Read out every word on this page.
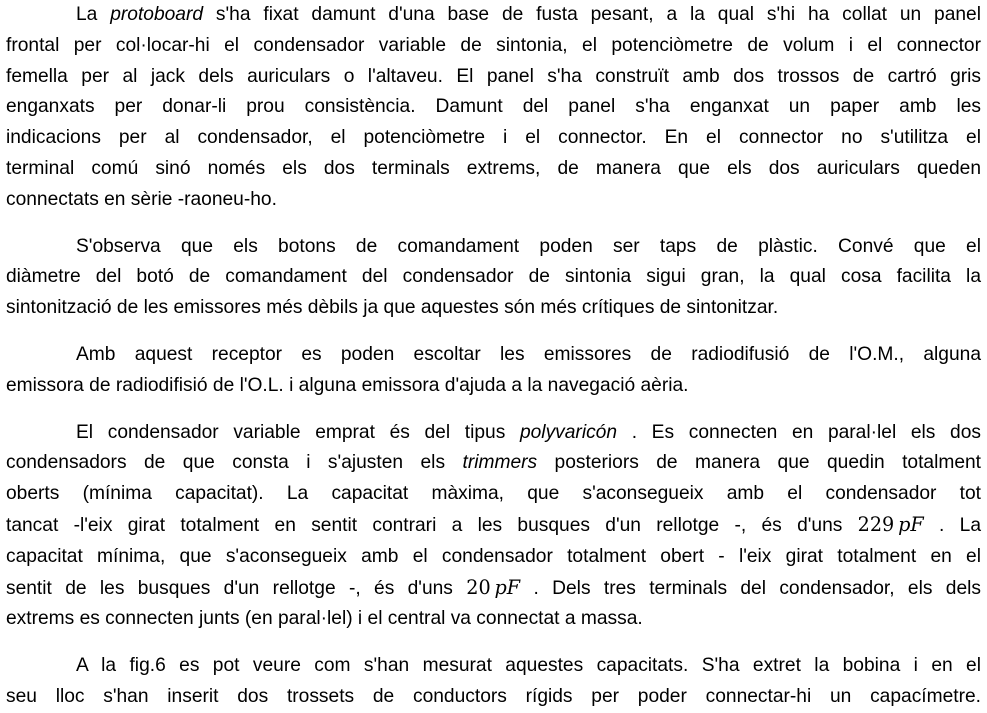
La protoboard s'ha fixat damunt d'una base de fusta pesant, a la qual s'hi ha collat un panel
frontal per col·locar-hi el condensador variable de sintonia, el potenciòmetre de volum i el connector
femella per al jack dels auriculars o l'altaveu. El panel s'ha construït amb dos trossos de cartró gris
enganxats per donar-li prou consistència. Damunt del panel s'ha enganxat un paper amb les
indicacions per al condensador, el potenciòmetre i el connector. En el connector no s'utilitza el
terminal comú sinó només els dos terminals extrems, de manera que els dos auriculars queden
connectats en sèrie -raoneu-ho.

S'observa que els botons de comandament poden ser taps de plàstic. Convé que el
diàmetre del botó de comandament del condensador de sintonia sigui gran, la qual cosa facilita la
sintonització de les emissores més dèbils ja que aquestes són més crítiques de sintonitzar.

Amb aquest receptor es poden escoltar les emissores de radiodifusió de l'O.M., alguna
emissora de radiodifisió de l'O.L. i alguna emissora d'ajuda a la navegació aèria.

El condensador variable emprat és del tipus polyvaricón . Es connecten en paral·lel els dos
condensadors de que consta i s'ajusten els trimmers posteriors de manera que quedin totalment
oberts (mínima capacitat). La capacitat màxima, que s'aconsegueix amb el condensador tot
tancat -l'eix girat totalment en sentit contrari a les busques d'un rellotge -, és d'uns 229  pF . La
capacitat mínima, que s'aconsegueix amb el condensador totalment obert - l'eix girat totalment en el
sentit de les busques d'un rellotge -, és d'uns 20  pF . Dels tres terminals del condensador, els dels
extrems es connecten junts (en paral·lel) i el central va connectat a massa.

A la fig.6 es pot veure com s'han mesurat aquestes capacitats. S'ha extret la bobina i en el
seu lloc s'han inserit dos trossets de conductors rígids per poder connectar-hi un capacímetre.
